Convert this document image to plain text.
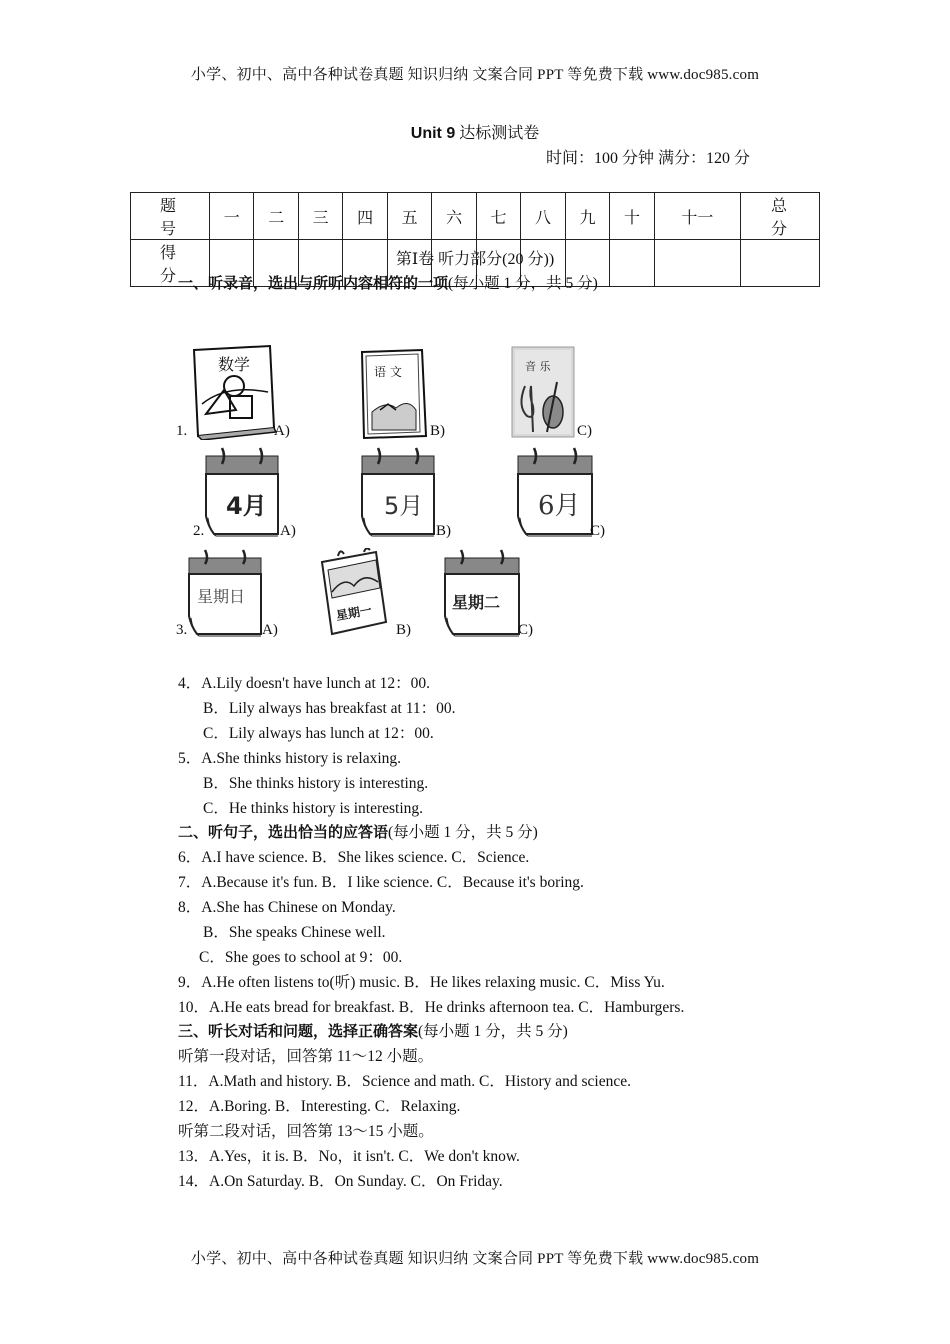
小学、初中、高中各种试卷真题 知识归纳 文案合同 PPT 等免费下载 www.doc985.com
Unit 9 达标测试卷
时间：100 分钟 满分：120 分
题 号	一	二	三	四	五	六	七	八	九	十	十一	总 分
得 分												
第Ⅰ卷 听力部分(20 分))
一、听录音，选出与所听内容相符的一项(每小题 1 分，共 5 分)
1.
数学
A)
语 文
B)
音 乐
C)
2.
4月
A)
5月
B)
6月
C)
3.
星期日
A)
星期一
B)
星期二
C)
4．A.Lily doesn't have lunch at 12：00.
B．Lily always has breakfast at 11：00.
C．Lily always has lunch at 12：00.
5．A.She thinks history is relaxing.
B．She thinks history is interesting.
C．He thinks history is interesting.
二、听句子，选出恰当的应答语(每小题 1 分，共 5 分)
6．A.I have science. B．She likes science. C．Science.
7．A.Because it's fun. B．I like science. C．Because it's boring.
8．A.She has Chinese on Monday.
B．She speaks Chinese well.
C．She goes to school at 9：00.
9．A.He often listens to(听) music. B．He likes relaxing music. C．Miss Yu.
10．A.He eats bread for breakfast. B．He drinks afternoon tea. C．Hamburgers.
三、听长对话和问题，选择正确答案(每小题 1 分，共 5 分)
听第一段对话，回答第 11～12 小题。
11．A.Math and history. B．Science and math. C．History and science.
12．A.Boring. B．Interesting. C．Relaxing.
听第二段对话，回答第 13～15 小题。
13．A.Yes，it is. B．No，it isn't. C．We don't know.
14．A.On Saturday. B．On Sunday. C．On Friday.
小学、初中、高中各种试卷真题 知识归纳 文案合同 PPT 等免费下载 www.doc985.com
